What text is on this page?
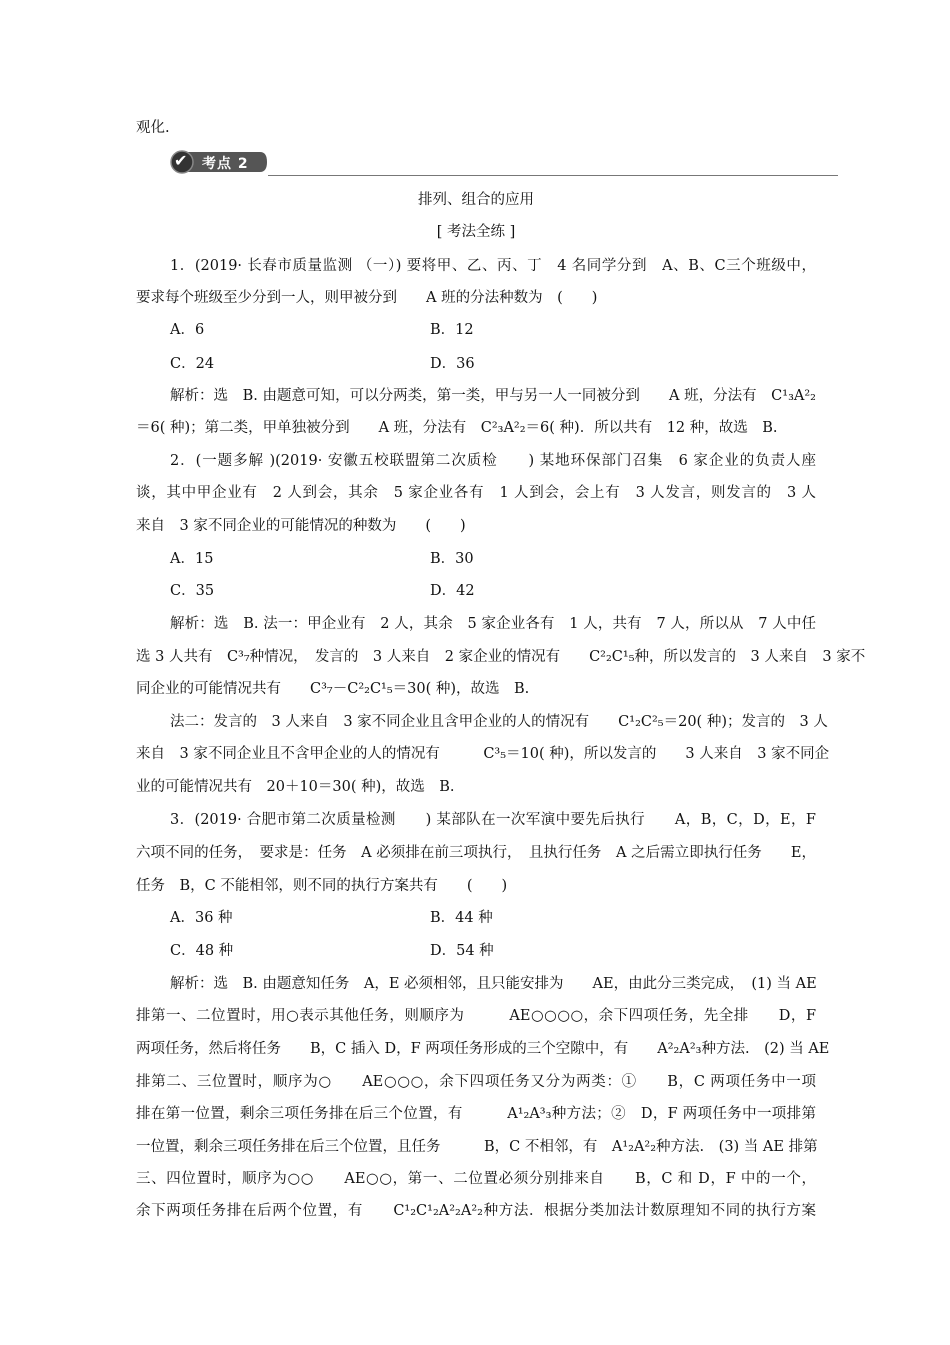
观化.
✔	考点 2
排列、组合的应用
[ 考法全练 ]
1．(2019· 长春市质量监测 （一）) 要将甲、乙、丙、丁　4 名同学分到　A、B、C三个班级中，
要求每个班级至少分到一人，则甲被分到　　A 班的分法种数为　(　　)
A．6	B．12
C．24	D．36
解析：选　B. 由题意可知，可以分两类，第一类，甲与另一人一同被分到　　A 班，分法有　C¹₃A²₂
＝6( 种)；第二类，甲单独被分到　　A 班，分法有　C²₃A²₂＝6( 种)．所以共有　12 种，故选　B.
2．(一题多解 )(2019· 安徽五校联盟第二次质检　　) 某地环保部门召集　6 家企业的负责人座
谈，其中甲企业有　2 人到会，其余　5 家企业各有　1 人到会，会上有　3 人发言，则发言的　3 人
来自　3 家不同企业的可能情况的种数为　　(　　)
A．15	B．30
C．35	D．42
解析：选　B. 法一：甲企业有　2 人，其余　5 家企业各有　1 人，共有　7 人，所以从　7 人中任
选 3 人共有　C³₇种情况，　发言的　3 人来自　2 家企业的情况有　　C²₂C¹₅种，所以发言的　3 人来自　3 家不
同企业的可能情况共有　　C³₇－C²₂C¹₅＝30( 种)，故选　B.
法二：发言的　3 人来自　3 家不同企业且含甲企业的人的情况有　　C¹₂C²₅＝20( 种)；发言的　3 人
来自　3 家不同企业且不含甲企业的人的情况有　　　C³₅＝10( 种)，所以发言的　　3 人来自　3 家不同企
业的可能情况共有　20＋10＝30( 种)，故选　B.
3．(2019· 合肥市第二次质量检测　　) 某部队在一次军演中要先后执行　　A，B，C，D，E，F
六项不同的任务，　要求是：任务　A 必须排在前三项执行，　且执行任务　A 之后需立即执行任务　　E，
任务　B，C 不能相邻，则不同的执行方案共有　　(　　)
A．36 种	B．44 种
C．48 种	D．54 种
解析：选　B. 由题意知任务　A，E 必须相邻，且只能安排为　　AE，由此分三类完成，　(1) 当 AE
排第一、二位置时，用○表示其他任务，则顺序为　　　AE○○○○，余下四项任务，先全排　　D，F
两项任务，然后将任务　　B，C 插入 D，F 两项任务形成的三个空隙中，有　　A²₂A²₃种方法.　(2) 当 AE
排第二、三位置时，顺序为○　　AE○○○，余下四项任务又分为两类：①　　B，C 两项任务中一项
排在第一位置，剩余三项任务排在后三个位置，有　　　A¹₂A³₃种方法；②　D，F 两项任务中一项排第
一位置，剩余三项任务排在后三个位置，且任务　　　B，C 不相邻，有　A¹₂A²₂种方法.　(3) 当 AE 排第
三、四位置时，顺序为○○　　AE○○，第一、二位置必须分别排来自　　B，C 和 D，F 中的一个，
余下两项任务排在后两个位置，有　　C¹₂C¹₂A²₂A²₂种方法．根据分类加法计数原理知不同的执行方案
